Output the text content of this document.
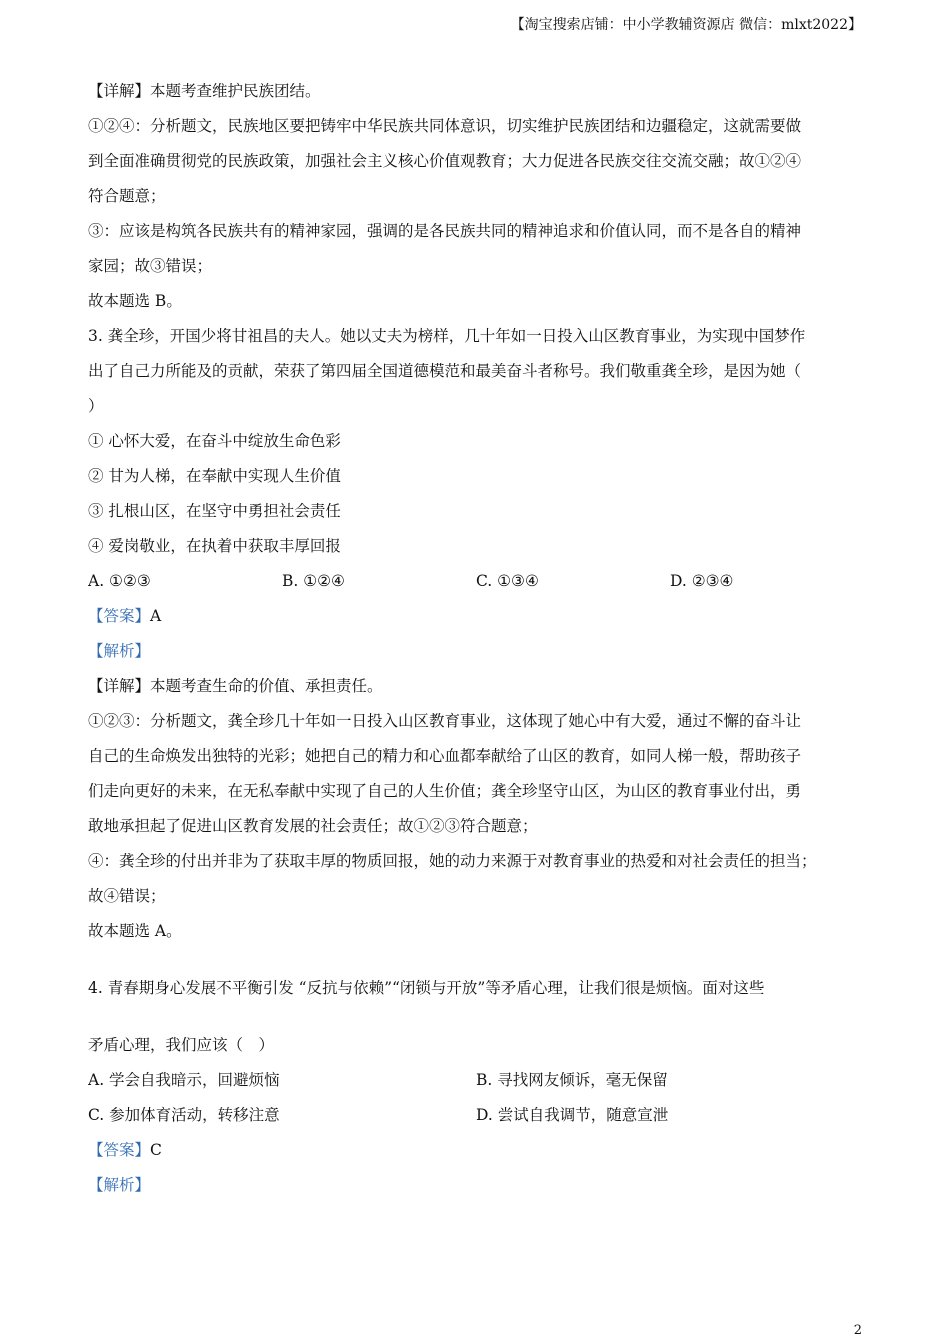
【淘宝搜索店铺：中小学教辅资源店 微信：mlxt2022】
【详解】本题考查维护民族团结。
①②④：分析题文，民族地区要把铸牢中华民族共同体意识，切实维护民族团结和边疆稳定，这就需要做
到全面准确贯彻党的民族政策，加强社会主义核心价值观教育；大力促进各民族交往交流交融；故①②④
符合题意；
③：应该是构筑各民族共有的精神家园，强调的是各民族共同的精神追求和价值认同，而不是各自的精神
家园；故③错误；
故本题选 B。
3. 龚全珍，开国少将甘祖昌的夫人。她以丈夫为榜样，几十年如一日投入山区教育事业，为实现中国梦作
出了自己力所能及的贡献，荣获了第四届全国道德模范和最美奋斗者称号。我们敬重龚全珍，是因为她（
）
① 心怀大爱，在奋斗中绽放生命色彩
② 甘为人梯，在奉献中实现人生价值
③ 扎根山区，在坚守中勇担社会责任
④ 爱岗敬业，在执着中获取丰厚回报
A. ①②③	B. ①②④	C. ①③④	D. ②③④
【答案】A
【解析】
【详解】本题考查生命的价值、承担责任。
①②③：分析题文，龚全珍几十年如一日投入山区教育事业，这体现了她心中有大爱，通过不懈的奋斗让
自己的生命焕发出独特的光彩；她把自己的精力和心血都奉献给了山区的教育，如同人梯一般，帮助孩子
们走向更好的未来，在无私奉献中实现了自己的人生价值；龚全珍坚守山区，为山区的教育事业付出，勇
敢地承担起了促进山区教育发展的社会责任；故①②③符合题意；
④：龚全珍的付出并非为了获取丰厚的物质回报，她的动力来源于对教育事业的热爱和对社会责任的担当；
故④错误；
故本题选 A。
4. 青春期身心发展不平衡引发 “反抗与依赖”“闭锁与开放”等矛盾心理，让我们很是烦恼。面对这些
矛盾心理，我们应该（　）
A. 学会自我暗示，回避烦恼	B. 寻找网友倾诉，毫无保留
C. 参加体育活动，转移注意	D. 尝试自我调节，随意宣泄
【答案】C
【解析】
2
